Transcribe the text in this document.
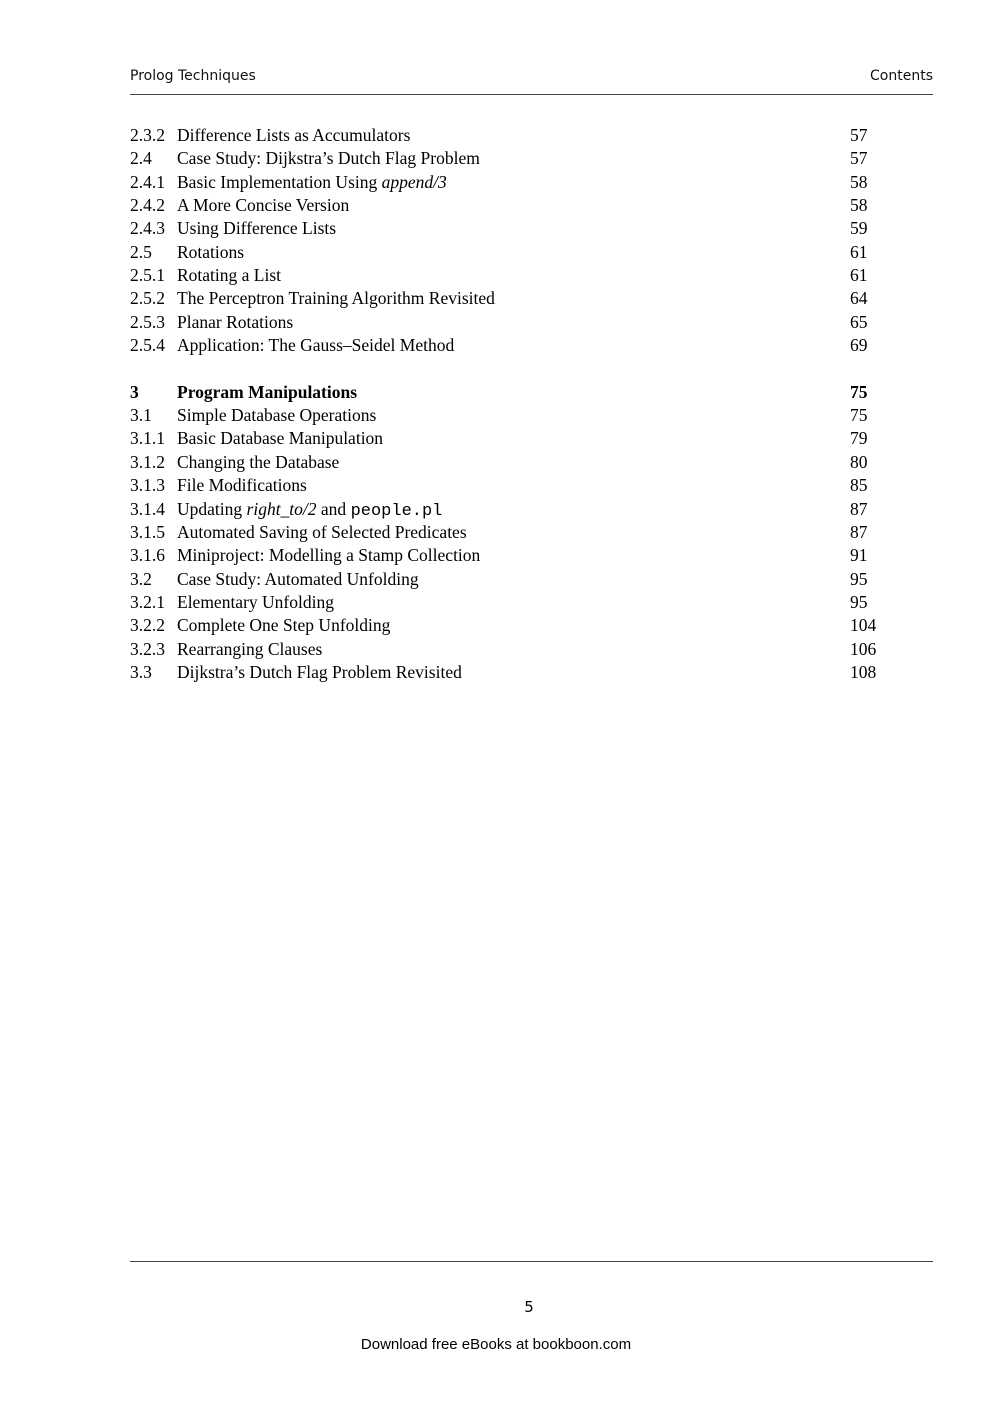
Prolog Techniques	Contents
2.3.2 Difference Lists as Accumulators	57
2.4 Case Study: Dijkstra’s Dutch Flag Problem	57
2.4.1 Basic Implementation Using append/3	58
2.4.2 A More Concise Version	58
2.4.3 Using Difference Lists	59
2.5 Rotations	61
2.5.1 Rotating a List	61
2.5.2 The Perceptron Training Algorithm Revisited	64
2.5.3 Planar Rotations	65
2.5.4 Application: The Gauss–Seidel Method	69
3 Program Manipulations	75
3.1 Simple Database Operations	75
3.1.1 Basic Database Manipulation	79
3.1.2 Changing the Database	80
3.1.3 File Modifications	85
3.1.4 Updating right_to/2 and people.pl	87
3.1.5 Automated Saving of Selected Predicates	87
3.1.6 Miniproject: Modelling a Stamp Collection	91
3.2 Case Study: Automated Unfolding	95
3.2.1 Elementary Unfolding	95
3.2.2 Complete One Step Unfolding	104
3.2.3 Rearranging Clauses	106
3.3 Dijkstra’s Dutch Flag Problem Revisited	108
5
Download free eBooks at bookboon.com
